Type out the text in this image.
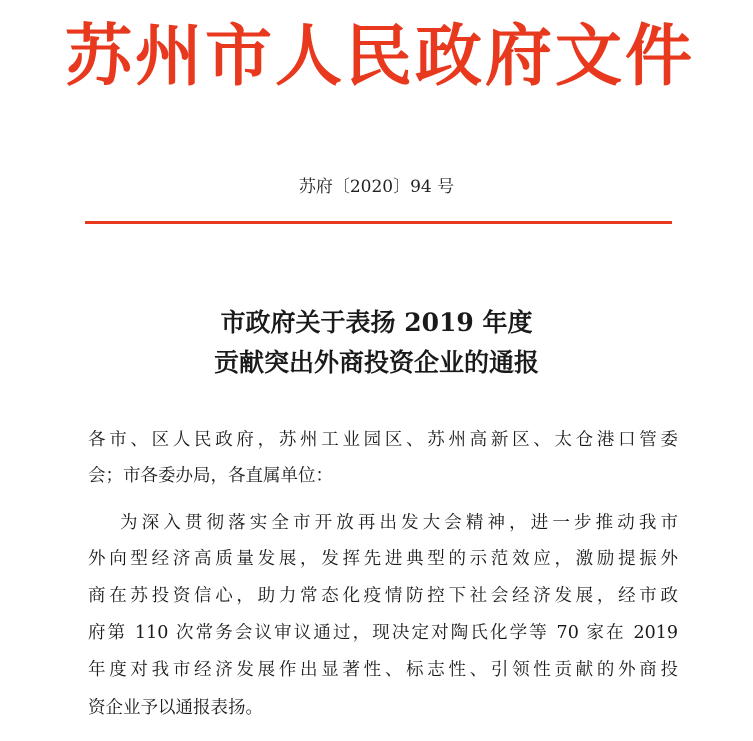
苏州市人民政府文件
苏府〔2020〕94 号
市政府关于表扬 2019 年度
贡献突出外商投资企业的通报
各市、区人民政府，苏州工业园区、苏州高新区、太仓港口管委
会；市各委办局，各直属单位：
为深入贯彻落实全市开放再出发大会精神，进一步推动我市
外向型经济高质量发展，发挥先进典型的示范效应，激励提振外
商在苏投资信心，助力常态化疫情防控下社会经济发展，经市政
府第 110 次常务会议审议通过，现决定对陶氏化学等 70 家在 2019
年度对我市经济发展作出显著性、标志性、引领性贡献的外商投
资企业予以通报表扬。
